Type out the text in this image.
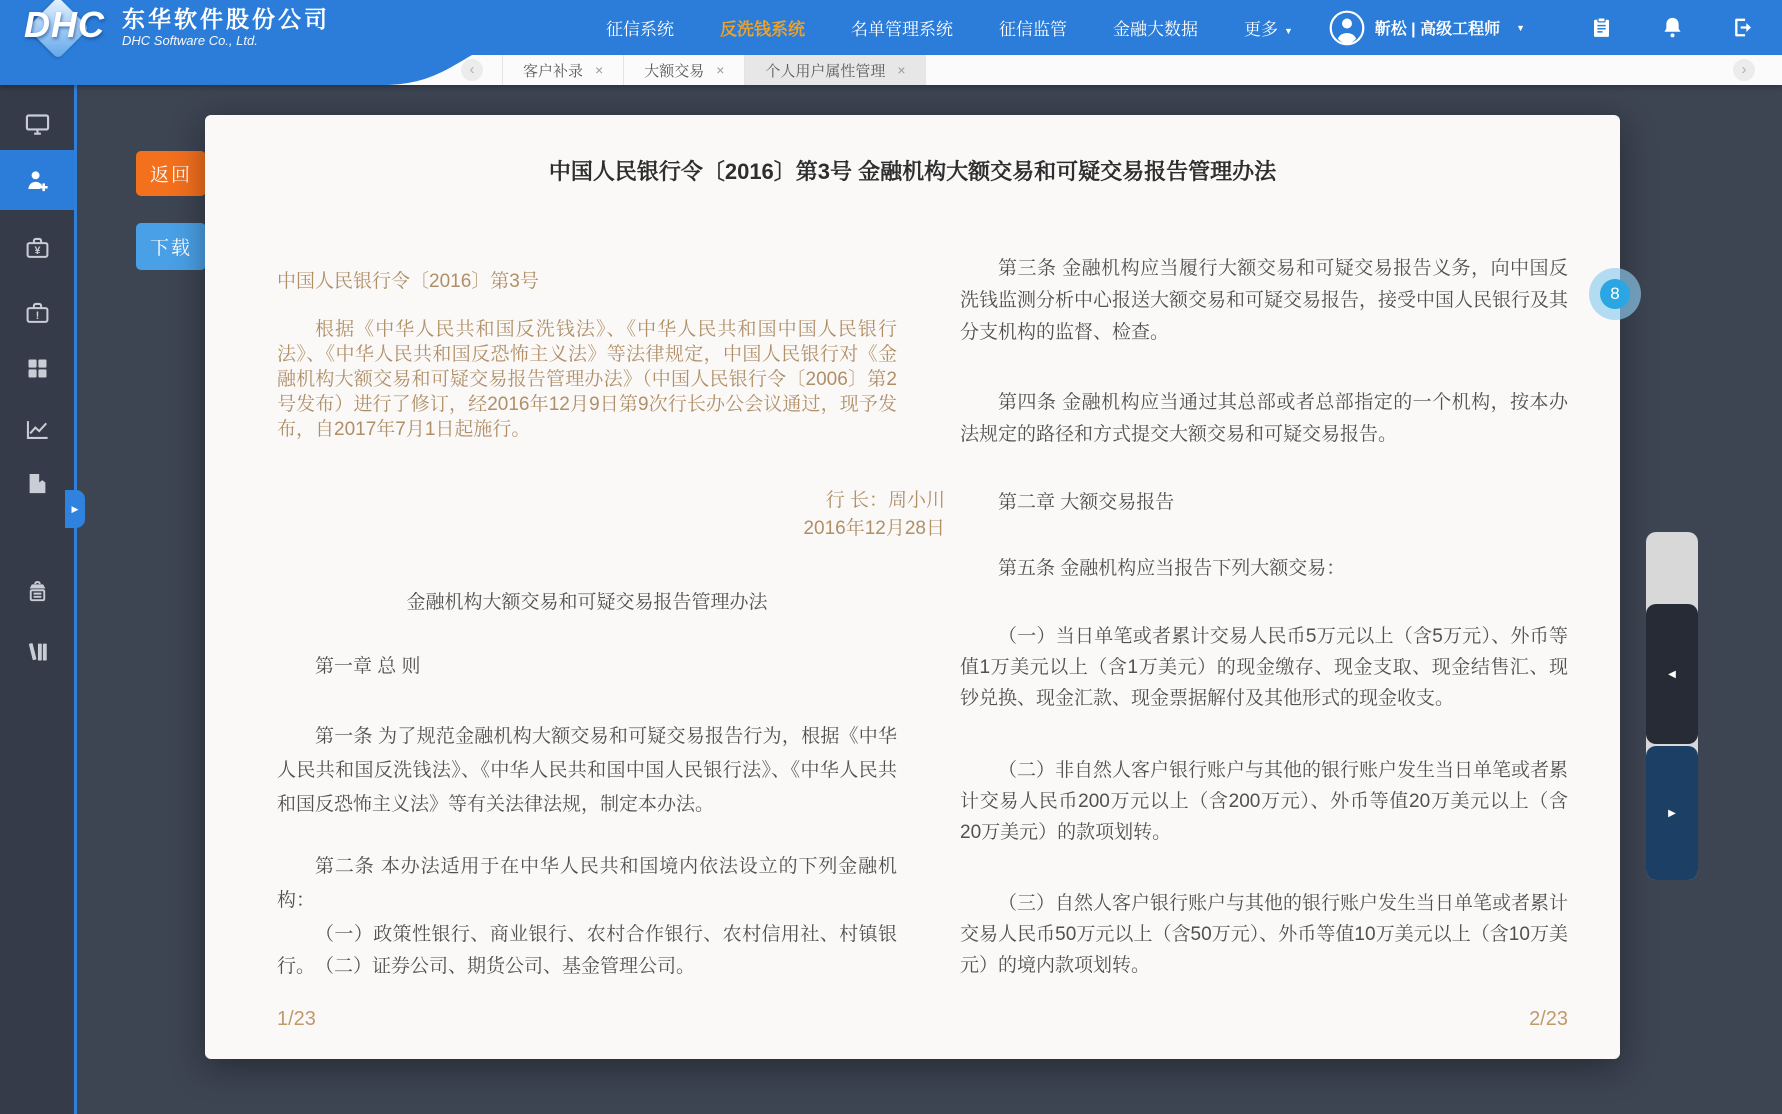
DHC 东华软件股份公司
DHC Software Co., Ltd.
征信系统	反洗钱系统	名单管理系统	征信监管	金融大数据	更多 ▼	靳松 | 高级工程师 ▼
‹	客户补录 ×	大额交易 ×	个人用户属性管理 ×	›
¥
!
▶
返回
下载
中国人民银行令〔2016〕第3号 金融机构大额交易和可疑交易报告管理办法
中国人民银行令〔2016〕第3号
根据《中华人民共和国反洗钱法》、《中华人民共和国中国人民银行法》、《中华人民共和国反恐怖主义法》等法律规定，中国人民银行对《金融机构大额交易和可疑交易报告管理办法》（中国人民银行令〔2006〕第2号发布）进行了修订，经2016年12月9日第9次行长办公会议通过，现予发布，自2017年7月1日起施行。
行 长：周小川
2016年12月28日
金融机构大额交易和可疑交易报告管理办法
第一章 总 则
第一条 为了规范金融机构大额交易和可疑交易报告行为，根据《中华人民共和国反洗钱法》、《中华人民共和国中国人民银行法》、《中华人民共和国反恐怖主义法》等有关法律法规，制定本办法。
第二条 本办法适用于在中华人民共和国境内依法设立的下列金融机构：
（一）政策性银行、商业银行、农村合作银行、农村信用社、村镇银行。 （二）证券公司、期货公司、基金管理公司。
1/23
第三条 金融机构应当履行大额交易和可疑交易报告义务，向中国反洗钱监测分析中心报送大额交易和可疑交易报告，接受中国人民银行及其分支机构的监督、检查。
第四条 金融机构应当通过其总部或者总部指定的一个机构，按本办法规定的路径和方式提交大额交易和可疑交易报告。
第二章 大额交易报告
第五条 金融机构应当报告下列大额交易：
（一）当日单笔或者累计交易人民币5万元以上（含5万元）、外币等值1万美元以上（含1万美元）的现金缴存、现金支取、现金结售汇、现钞兑换、现金汇款、现金票据解付及其他形式的现金收支。
（二）非自然人客户银行账户与其他的银行账户发生当日单笔或者累计交易人民币200万元以上（含200万元）、外币等值20万美元以上（含20万美元）的款项划转。
（三）自然人客户银行账户与其他的银行账户发生当日单笔或者累计交易人民币50万元以上（含50万元）、外币等值10万美元以上（含10万美元）的境内款项划转。
2/23
8
◀
▶
